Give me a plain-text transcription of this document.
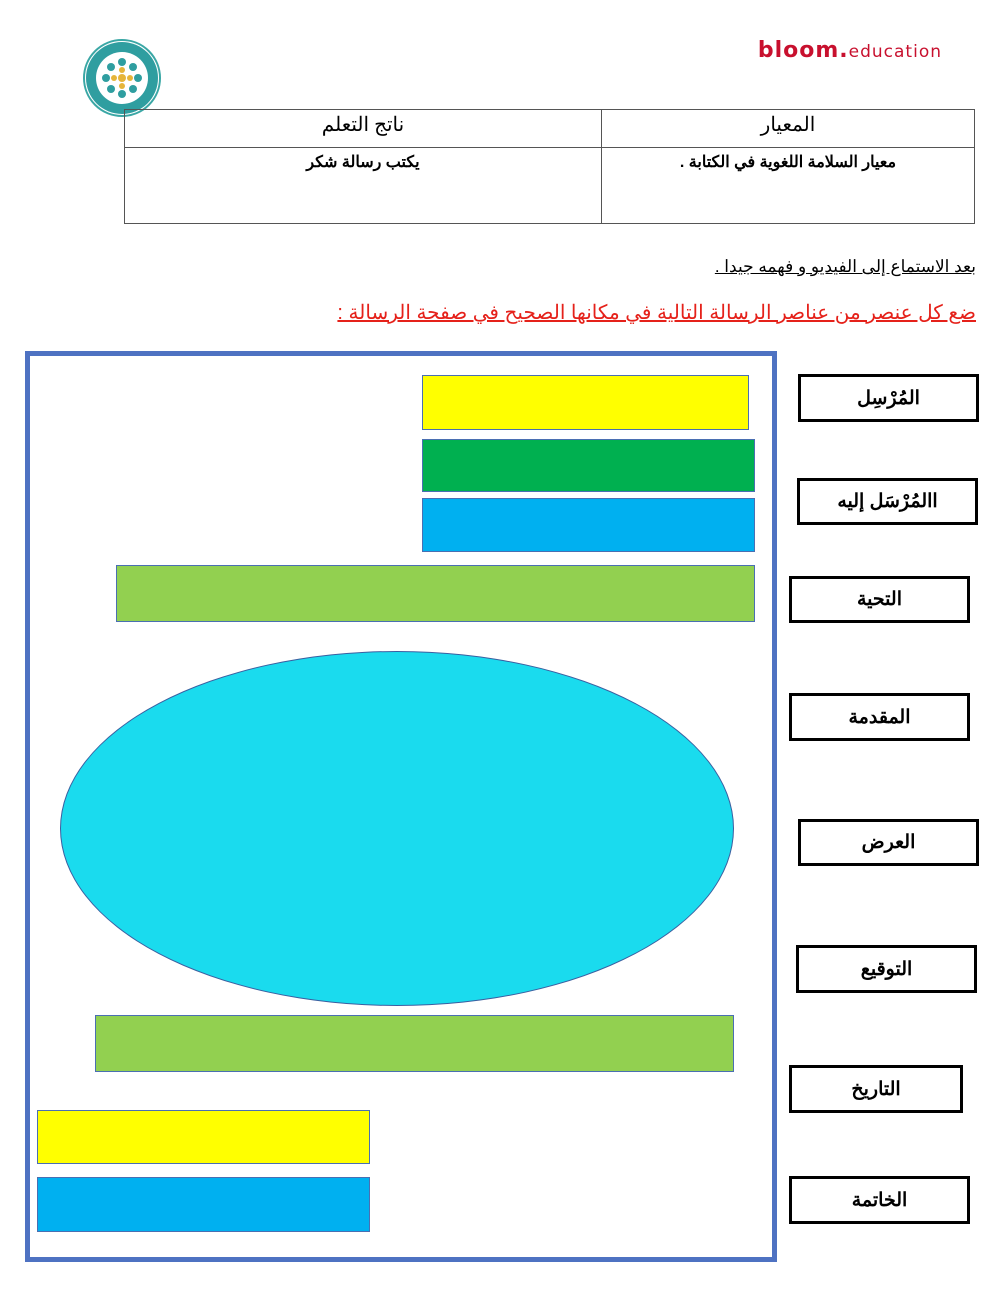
bloom.education
المعيار	ناتج التعلم
معيار السلامة اللغوية في الكتابة .	يكتب رسالة شكر
بعد الاستماع إلى الفيديو و فهمه جيدا .
ضع كل عنصر من عناصر الرسالة التالية في مكانها الصحيح في صفحة الرسالة :
المُرْسِل
االمُرْسَل إليه
التحية
المقدمة
العرض
التوقيع
التاريخ
الخاتمة
